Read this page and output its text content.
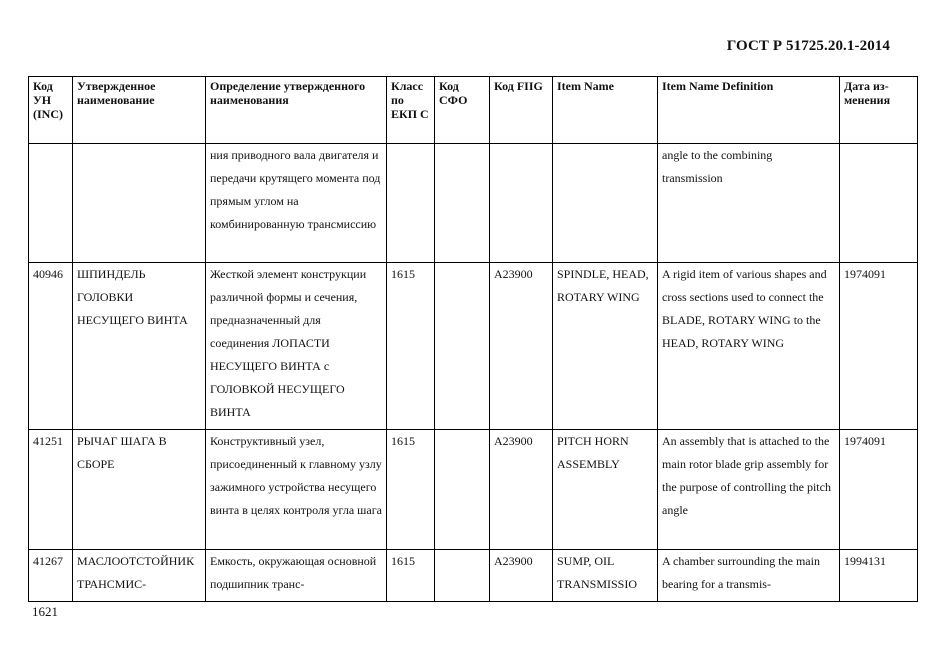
ГОСТ Р 51725.20.1-2014
Код УН (INC)	Утвержденное наименование	Определение утвержденного наименования	Класс по ЕКП С	Код СФО	Код FIIG	Item Name	Item Name Definition	Дата из-менения
		ния приводного вала двигателя и передачи крутящего момента под прямым углом на комбинированную трансмиссию					angle to the combining transmission	
40946	ШПИНДЕЛЬ ГОЛОВКИ НЕСУЩЕГО ВИНТА	Жесткой элемент конструкции различной формы и сечения, предназначенный для соединения ЛОПАСТИ НЕСУЩЕГО ВИНТА с ГОЛОВКОЙ НЕСУЩЕГО ВИНТА	1615		A23900	SPINDLE, HEAD, ROTARY WING	A rigid item of various shapes and cross sections used to connect the BLADE, ROTARY WING to the HEAD, ROTARY WING	1974091
41251	РЫЧАГ ШАГА В СБОРЕ	Конструктивный узел, присоединенный к главному узлу зажимного устройства несущего винта в целях контроля угла шага	1615		A23900	PITCH HORN ASSEMBLY	An assembly that is attached to the main rotor blade grip assembly for the purpose of controlling the pitch angle	1974091
41267	МАСЛООТСТОЙНИК ТРАНСМИС-	Емкость, окружающая основной подшипник транс-	1615		A23900	SUMP, OIL TRANSMISSIO	A chamber surrounding the main bearing for a transmis-	1994131
1621
